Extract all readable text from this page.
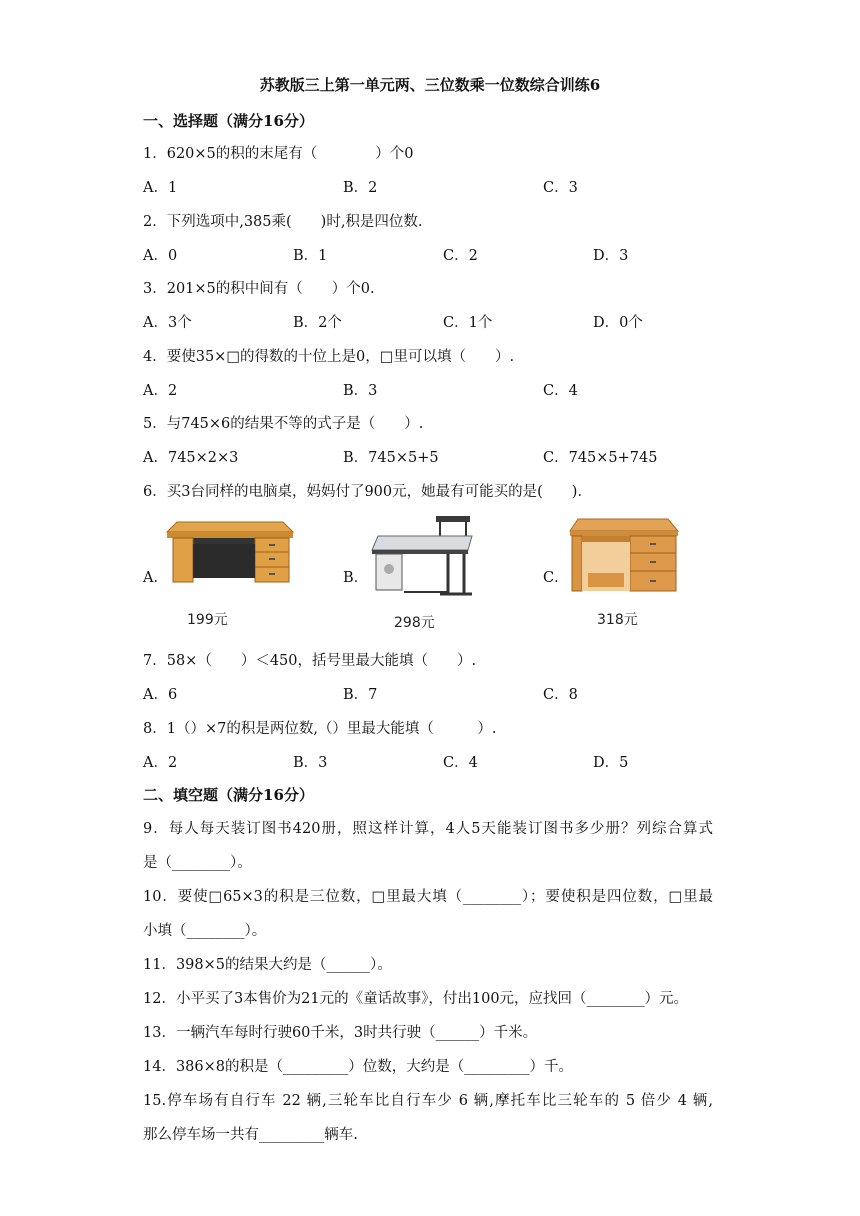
苏教版三上第一单元两、三位数乘一位数综合训练6
一、选择题（满分16分）
1．620×5的积的末尾有（　　　　）个0
A．1	B．2	C．3
2．下列选项中,385乘(　　)时,积是四位数.
A．0	B．1	C．2	D．3
3．201×5的积中间有（　　）个0.
A．3个	B．2个	C．1个	D．0个
4．要使35×□的得数的十位上是0，□里可以填（　　）.
A．2	B．3	C．4
5．与745×6的结果不等的式子是（　　）.
A．745×2×3	B．745×5+5	C．745×5+745
6．买3台同样的电脑桌，妈妈付了900元，她最有可能买的是(　　)．
A．
199元
B．
298元
C．
318元
7．58×（　　）＜450，括号里最大能填（　　）.
A．6	B．7	C．8
8．1（）×7的积是两位数,（）里最大能填（　　　）.
A．2	B．3	C．4	D．5
二、填空题（满分16分）
9．每人每天装订图书420册，照这样计算，4人5天能装订图书多少册？列综合算式
是（________）。
10．要使□65×3的积是三位数，□里最大填（________）；要使积是四位数，□里最
小填（________）。
11．398×5的结果大约是（______）。
12．小平买了3本售价为21元的《童话故事》，付出100元，应找回（________）元。
13．一辆汽车每时行驶60千米，3时共行驶（______）千米。
14．386×8的积是（_________）位数，大约是（_________）千。
15.停车场有自行车 22 辆,三轮车比自行车少 6 辆,摩托车比三轮车的 5 倍少 4 辆,
那么停车场一共有_________辆车.
